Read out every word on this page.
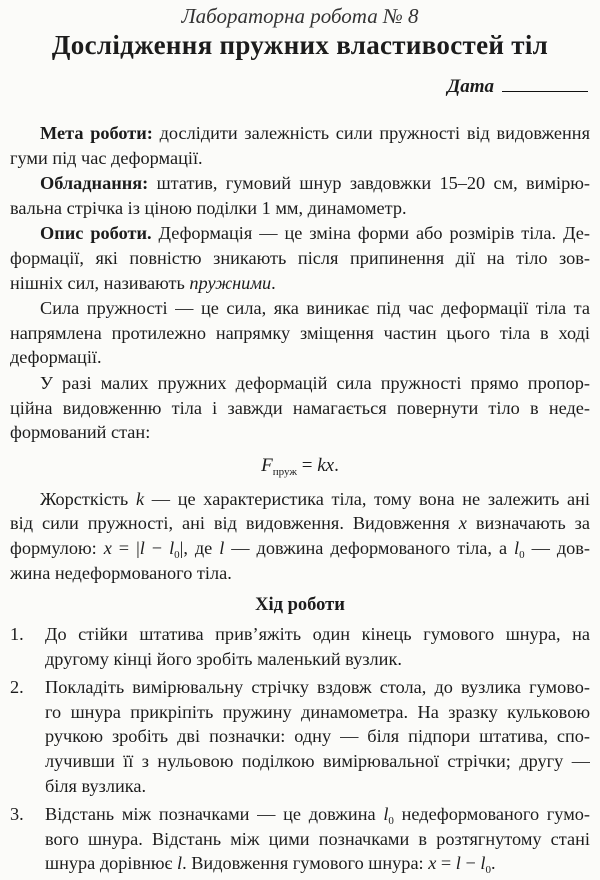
Лабораторна робота № 8
Дослідження пружних властивостей тіл
Дата
Мета роботи: дослідити залежність сили пружності від видовження
гуми під час деформації.
Обладнання: штатив, гумовий шнур завдовжки 15–20 см, вимірю-
вальна стрічка із ціною поділки 1 мм, динамометр.
Опис роботи. Деформація — це зміна форми або розмірів тіла. Де-
формації, які повністю зникають після припинення дії на тіло зов-
нішніх сил, називають пружними.
Сила пружності — це сила, яка виникає під час деформації тіла та
напрямлена протилежно напрямку зміщення частин цього тіла в ході
деформації.
У разі малих пружних деформацій сила пружності прямо пропор-
ційна видовженню тіла і завжди намагається повернути тіло в неде-
формований стан:
$F_{пруж}$ = kx.
Жорсткість k — це характеристика тіла, тому вона не залежить ані
від сили пружності, ані від видовження. Видовження x визначають за
формулою: $x = |l - l_0|$, де l — довжина деформованого тіла, а $l_0$ — дов-
жина недеформованого тіла.
Хід роботи
1. До стійки штатива прив’яжіть один кінець гумового шнура, на
другому кінці його зробіть маленький вузлик.
2. Покладіть вимірювальну стрічку вздовж стола, до вузлика гумово-
го шнура прикріпіть пружину динамометра. На зразку кульковою
ручкою зробіть дві позначки: одну — біля підпори штатива, спо-
лучивши її з нульовою поділкою вимірювальної стрічки; другу —
біля вузлика.
3. Відстань між позначками — це довжина $l_0$ недеформованого гумо-
вого шнура. Відстань між цими позначками в розтягнутому стані
шнура дорівнює l. Видовження гумового шнура: $x = l - l_0$.
